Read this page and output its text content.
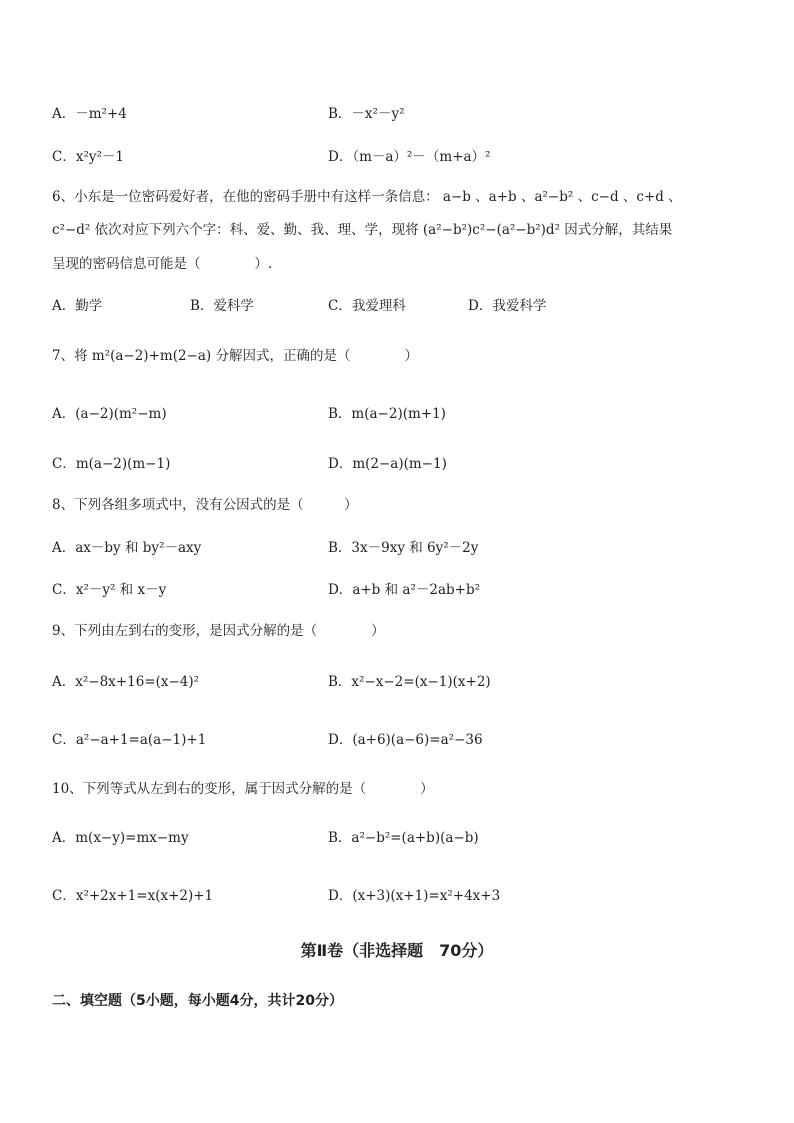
A．－m²+4	B．－x²－y²
C．x²y²－1	D．（m－a）²－（m+a）²
6、小东是一位密码爱好者，在他的密码手册中有这样一条信息： a−b 、a+b 、a²−b² 、c−d 、c+d 、
c²−d² 依次对应下列六个字：科、爱、勤、我、理、学，现将 (a²−b²)c²−(a²−b²)d² 因式分解，其结果
呈现的密码信息可能是（　　　　）.
A．勤学	B．爱科学	C．我爱理科	D．我爱科学
7、将 m²(a−2)+m(2−a) 分解因式，正确的是（　　　　）
A．(a−2)(m²−m)	B．m(a−2)(m+1)
C．m(a−2)(m−1)	D．m(2−a)(m−1)
8、下列各组多项式中，没有公因式的是（　　　）
A．ax－by 和 by²－axy	B．3x－9xy 和 6y²－2y
C．x²－y² 和 x－y	D．a+b 和 a²－2ab+b²
9、下列由左到右的变形，是因式分解的是（　　　　）
A．x²−8x+16=(x−4)²	B．x²−x−2=(x−1)(x+2)
C．a²−a+1=a(a−1)+1	D．(a+6)(a−6)=a²−36
10、下列等式从左到右的变形，属于因式分解的是（　　　　）
A．m(x−y)=mx−my	B．a²−b²=(a+b)(a−b)
C．x²+2x+1=x(x+2)+1	D．(x+3)(x+1)=x²+4x+3
第Ⅱ卷（非选择题　70分）
二、填空题（5小题，每小题4分，共计20分）
